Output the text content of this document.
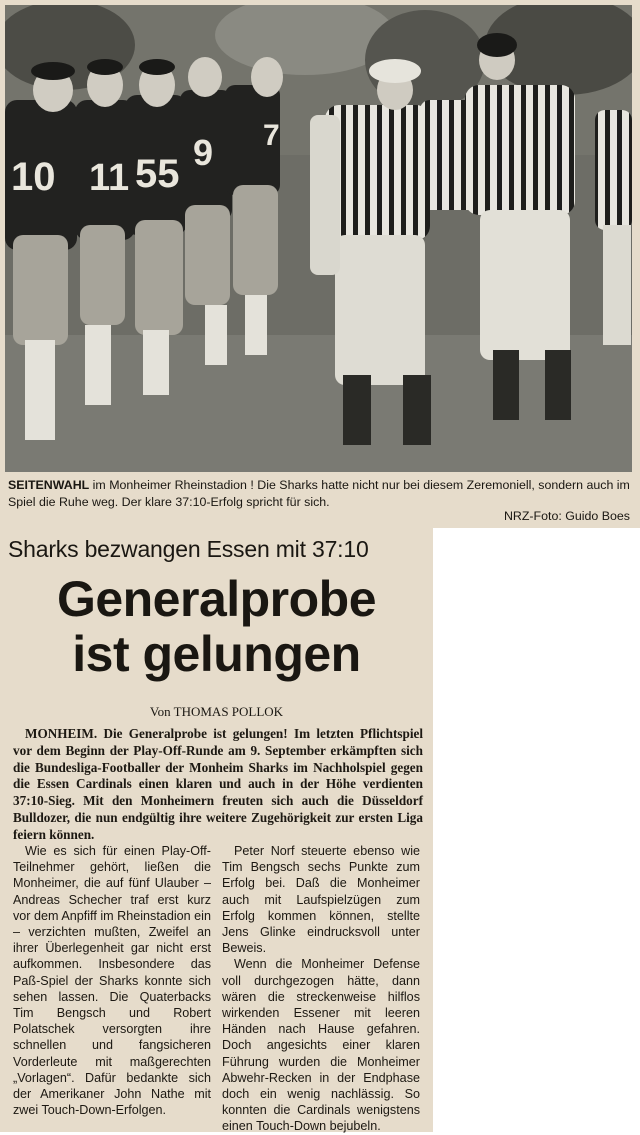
10 11 55 9 7
SEITENWAHL im Monheimer Rheinstadion ! Die Sharks hatte nicht nur bei diesem Zeremoniell, sondern auch im Spiel die Ruhe weg. Der klare 37:10-Erfolg spricht für sich.
NRZ-Foto: Guido Boes
Sharks bezwangen Essen mit 37:10
Generalprobe
ist gelungen
Von THOMAS POLLOK
MONHEIM. Die Generalprobe ist gelungen! Im letzten Pflichtspiel vor dem Beginn der Play-Off-Runde am 9. September erkämpften sich die Bundesliga-Footballer der Monheim Sharks im Nachholspiel gegen die Essen Cardinals einen klaren und auch in der Höhe verdienten 37:10-Sieg. Mit den Monheimern freuten sich auch die Düsseldorf Bulldozer, die nun endgültig ihre weitere Zugehörigkeit zur ersten Liga feiern können.

Wie es sich für einen Play-Off-Teilnehmer gehört, ließen die Monheimer, die auf fünf Ulauber – Andreas Schecher traf erst kurz vor dem Anpfiff im Rheinstadion ein – verzichten mußten, Zweifel an ihrer Überlegenheit gar nicht erst aufkommen. Insbesondere das Paß-Spiel der Sharks konnte sich sehen lassen. Die Quaterbacks Tim Bengsch und Robert Polatschek versorgten ihre schnellen und fangsicheren Vorderleute mit maßgerechten „Vorlagen“. Dafür bedankte sich der Amerikaner John Nathe mit zwei Touch-Down-Erfolgen.

Peter Norf steuerte ebenso wie Tim Bengsch sechs Punkte zum Erfolg bei. Daß die Monheimer auch mit Laufspielzügen zum Erfolg kommen können, stellte Jens Glinke eindrucksvoll unter Beweis.

Wenn die Monheimer Defense voll durchgezogen hätte, dann wären die streckenweise hilflos wirkenden Essener mit leeren Händen nach Hause gefahren. Doch angesichts einer klaren Führung wurden die Monheimer Abwehr-Recken in der Endphase doch ein wenig nachlässig. So konnten die Cardinals wenigstens einen Touch-Down bejubeln.
